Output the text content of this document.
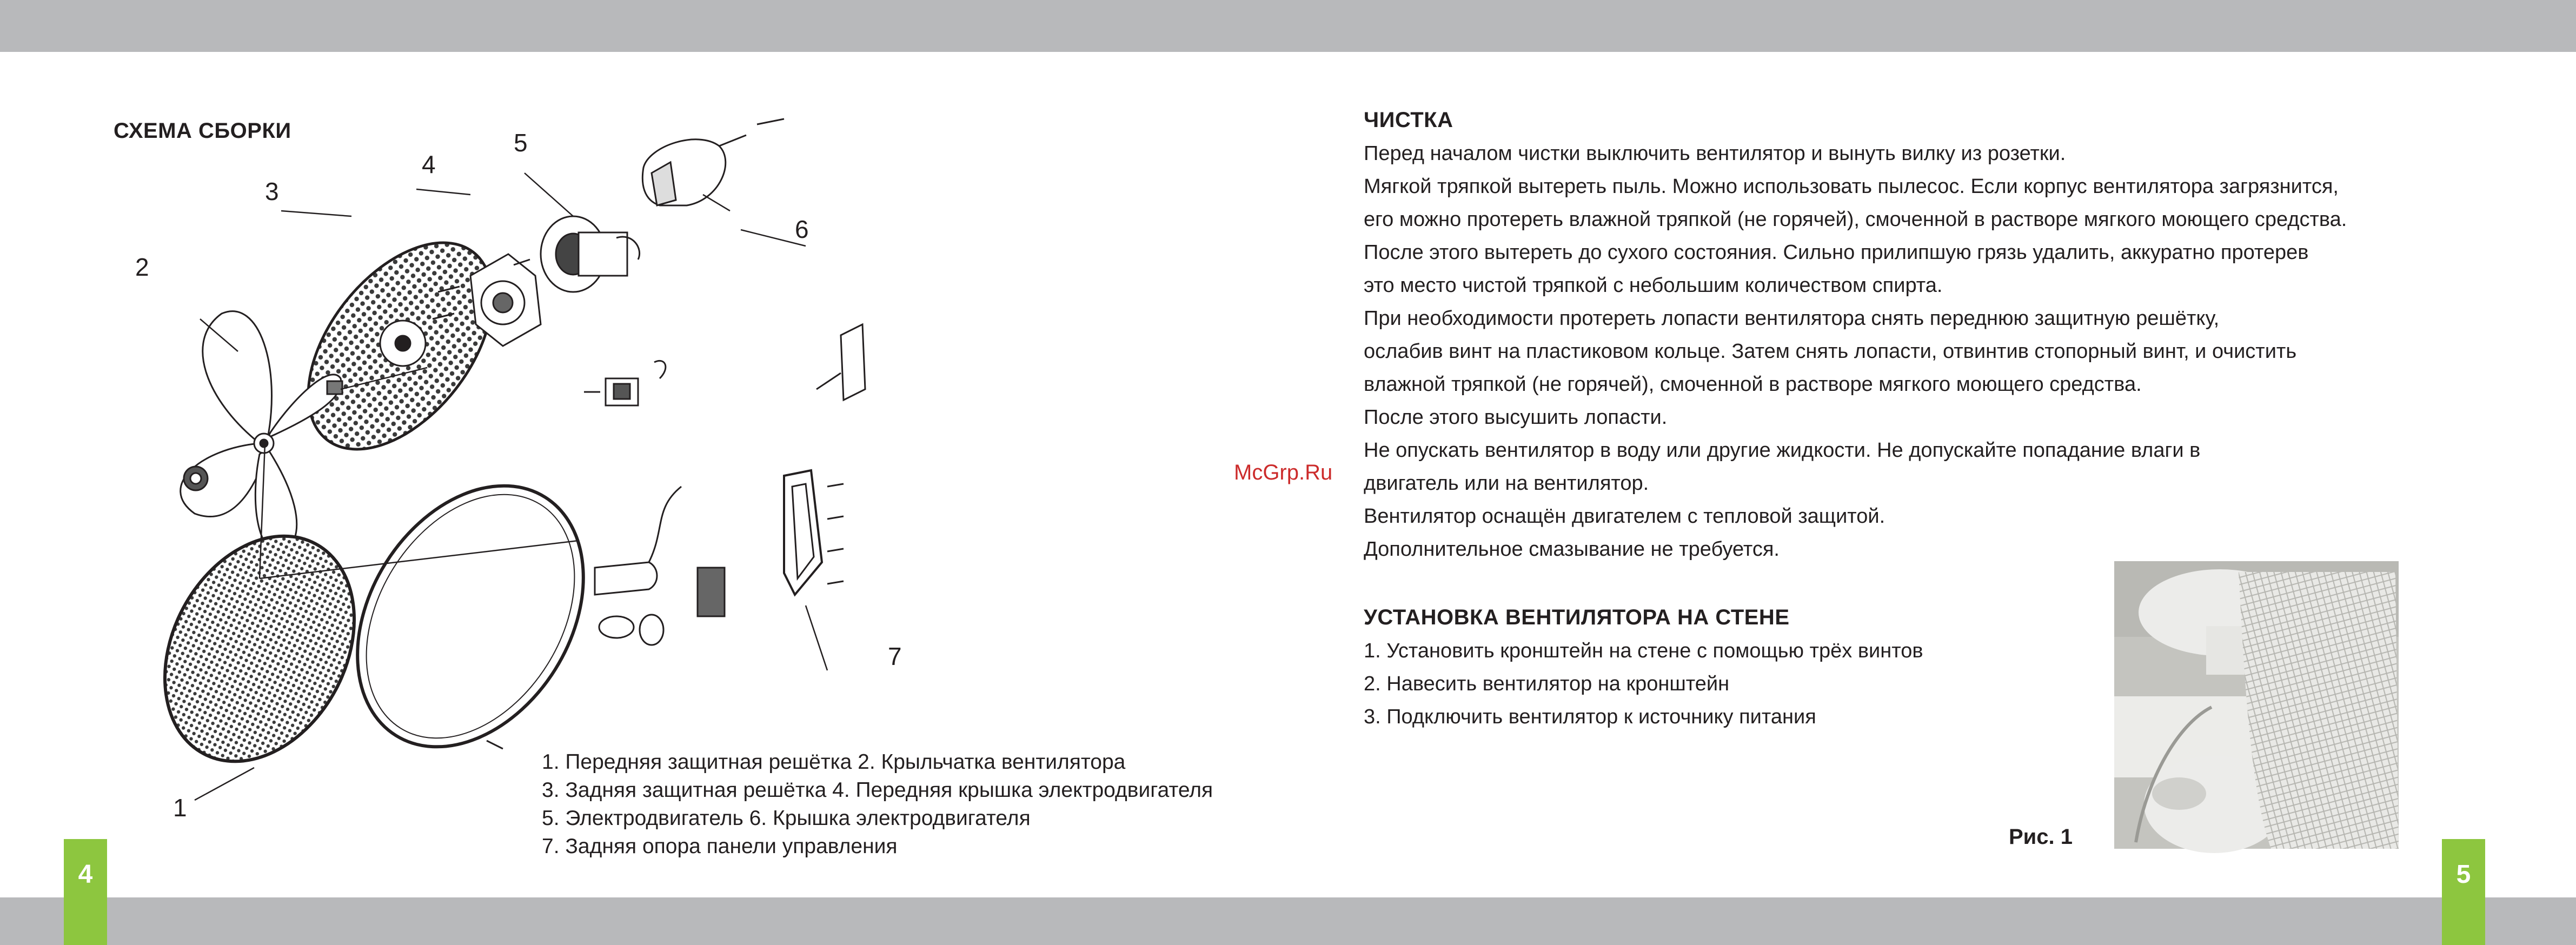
4	5
СХЕМА СБОРКИ
1
2
3
4
5
6
7
1. Передняя защитная решётка 2. Крыльчатка вентилятора
3. Задняя защитная решётка 4. Передняя крышка электродвигателя
5. Электродвигатель 6. Крышка электродвигателя
7. Задняя опора панели управления
McGrp.Ru
ЧИСТКА
Перед началом чистки выключить вентилятор и вынуть вилку из розетки.
Мягкой тряпкой вытереть пыль. Можно использовать пылесос. Если корпус вентилятора загрязнится,
его можно протереть влажной тряпкой (не горячей), смоченной в растворе мягкого моющего средства.
После этого вытереть до сухого состояния. Сильно прилипшую грязь удалить, аккуратно протерев
это место чистой тряпкой с небольшим количеством спирта.
При необходимости протереть лопасти вентилятора снять переднюю защитную решётку,
ослабив винт на пластиковом кольце. Затем снять лопасти, отвинтив стопорный винт, и очистить
влажной тряпкой (не горячей), смоченной в растворе мягкого моющего средства.
После этого высушить лопасти.
Не опускать вентилятор в воду или другие жидкости. Не допускайте попадание влаги в
двигатель или на вентилятор.
Вентилятор оснащён двигателем с тепловой защитой.
Дополнительное смазывание не требуется.
УСТАНОВКА ВЕНТИЛЯТОРА НА СТЕНЕ
1. Установить кронштейн на стене с помощью трёх винтов
2. Навесить вентилятор на кронштейн
3. Подключить вентилятор к источнику питания
Рис. 1
